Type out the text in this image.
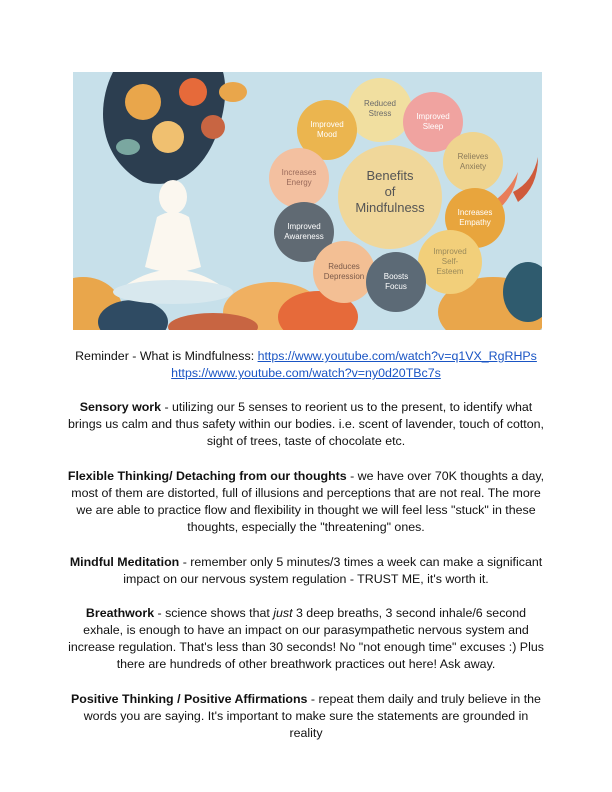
Benefits
of
Mindfulness
Reduced
Stress	Improved
Sleep
Improved
Mood
Relieves
Anxiety
Increases
Energy
Increases
Empathy
Improved
Awareness
Improved
Self-
Esteem
Reduces
Depression Boosts
Focus
Reminder - What is Mindfulness: https://www.youtube.com/watch?v=q1VX_RgRHPs
https://www.youtube.com/watch?v=ny0d20TBc7s
Sensory work - utilizing our 5 senses to reorient us to the present, to identify what brings us calm and thus safety within our bodies. i.e. scent of lavender, touch of cotton, sight of trees, taste of chocolate etc.
Flexible Thinking/ Detaching from our thoughts - we have over 70K thoughts a day, most of them are distorted, full of illusions and perceptions that are not real. The more we are able to practice flow and flexibility in thought we will feel less "stuck" in these thoughts, especially the "threatening" ones.
Mindful Meditation - remember only 5 minutes/3 times a week can make a significant impact on our nervous system regulation - TRUST ME, it's worth it.
Breathwork - science shows that just 3 deep breaths, 3 second inhale/6 second exhale, is enough to have an impact on our parasympathetic nervous system and increase regulation. That's less than 30 seconds! No "not enough time" excuses :) Plus there are hundreds of other breathwork practices out here! Ask away.
Positive Thinking / Positive Affirmations - repeat them daily and truly believe in the words you are saying. It's important to make sure the statements are grounded in reality
